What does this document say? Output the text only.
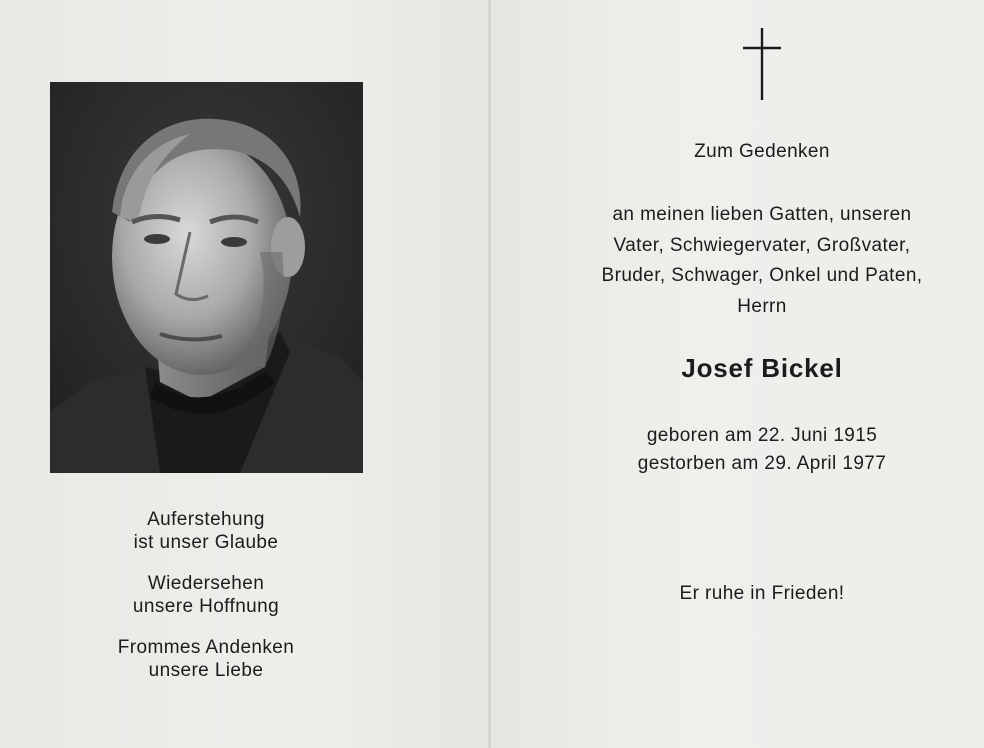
Auferstehung
ist unser Glaube
Wiedersehen
unsere Hoffnung
Frommes Andenken
unsere Liebe
Zum Gedenken
an meinen lieben Gatten, unseren
Vater, Schwiegervater, Großvater,
Bruder, Schwager, Onkel und Paten,
Herrn
Josef Bickel
geboren am 22. Juni 1915
gestorben am 29. April 1977
Er ruhe in Frieden!
